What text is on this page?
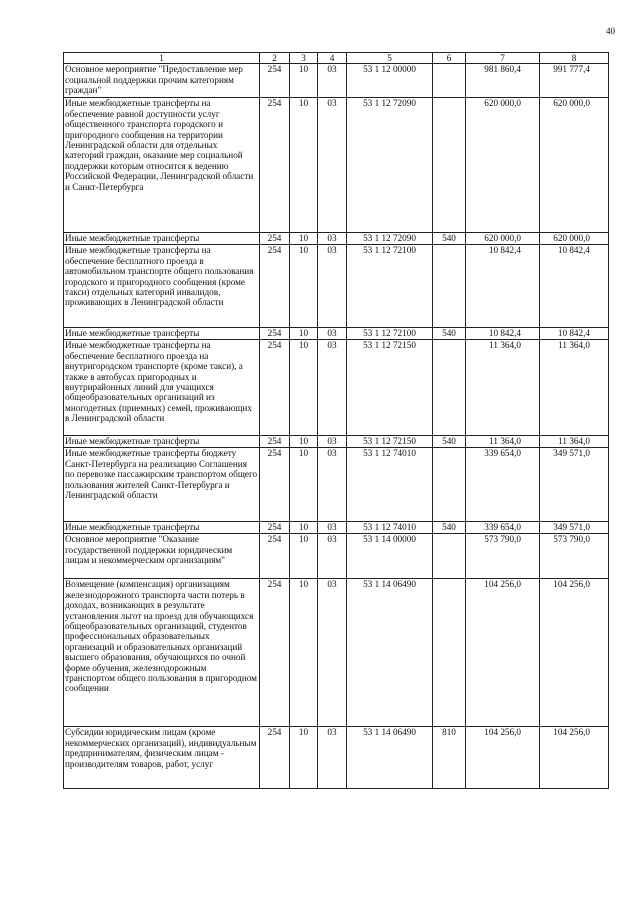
40
1	2	3	4	5	6	7	8
Основное мероприятие "Предоставление мер социальной поддержки прочим категориям граждан"	254	10	03	53 1 12 00000		981 860,4	991 777,4
Иные межбюджетные трансферты на обеспечение равной доступности услуг общественного транспорта городского и пригородного сообщения на территории Ленинградской области для отдельных категорий граждан, оказание мер социальной поддержки которым относится к ведению Российской Федерации, Ленинградской области и Санкт-Петербурга	254	10	03	53 1 12 72090		620 000,0	620 000,0
Иные межбюджетные трансферты	254	10	03	53 1 12 72090	540	620 000,0	620 000,0
Иные межбюджетные трансферты на обеспечение бесплатного проезда в автомобильном транспорте общего пользования городского и пригородного сообщения (кроме такси) отдельных категорий инвалидов, проживающих в Ленинградской области	254	10	03	53 1 12 72100		10 842,4	10 842,4
Иные межбюджетные трансферты	254	10	03	53 1 12 72100	540	10 842,4	10 842,4
Иные межбюджетные трансферты на обеспечение бесплатного проезда на внутригородском транспорте (кроме такси), а также в автобусах пригородных и внутрирайонных линий для учащихся общеобразовательных организаций из многодетных (приемных) семей, проживающих в Ленинградской области	254	10	03	53 1 12 72150		11 364,0	11 364,0
Иные межбюджетные трансферты	254	10	03	53 1 12 72150	540	11 364,0	11 364,0
Иные межбюджетные трансферты бюджету Санкт-Петербурга на реализацию Соглашения по перевозке пассажирским транспортом общего пользования жителей Санкт-Петербурга и Ленинградской области	254	10	03	53 1 12 74010		339 654,0	349 571,0
Иные межбюджетные трансферты	254	10	03	53 1 12 74010	540	339 654,0	349 571,0
Основное мероприятие "Оказание государственной поддержки юридическим лицам и некоммерческим организациям"	254	10	03	53 1 14 00000		573 790,0	573 790,0
Возмещение (компенсация) организациям железнодорожного транспорта части потерь в доходах, возникающих в результате установления льгот на проезд для обучающихся общеобразовательных организаций, студентов профессиональных образовательных организаций и образовательных организаций высшего образования, обучающихся по очной форме обучения, железнодорожным транспортом общего пользования в пригородном сообщении	254	10	03	53 1 14 06490		104 256,0	104 256,0
Субсидии юридическим лицам (кроме некоммерческих организаций), индивидуальным предпринимателям, физическим лицам - производителям товаров, работ, услуг	254	10	03	53 1 14 06490	810	104 256,0	104 256,0
